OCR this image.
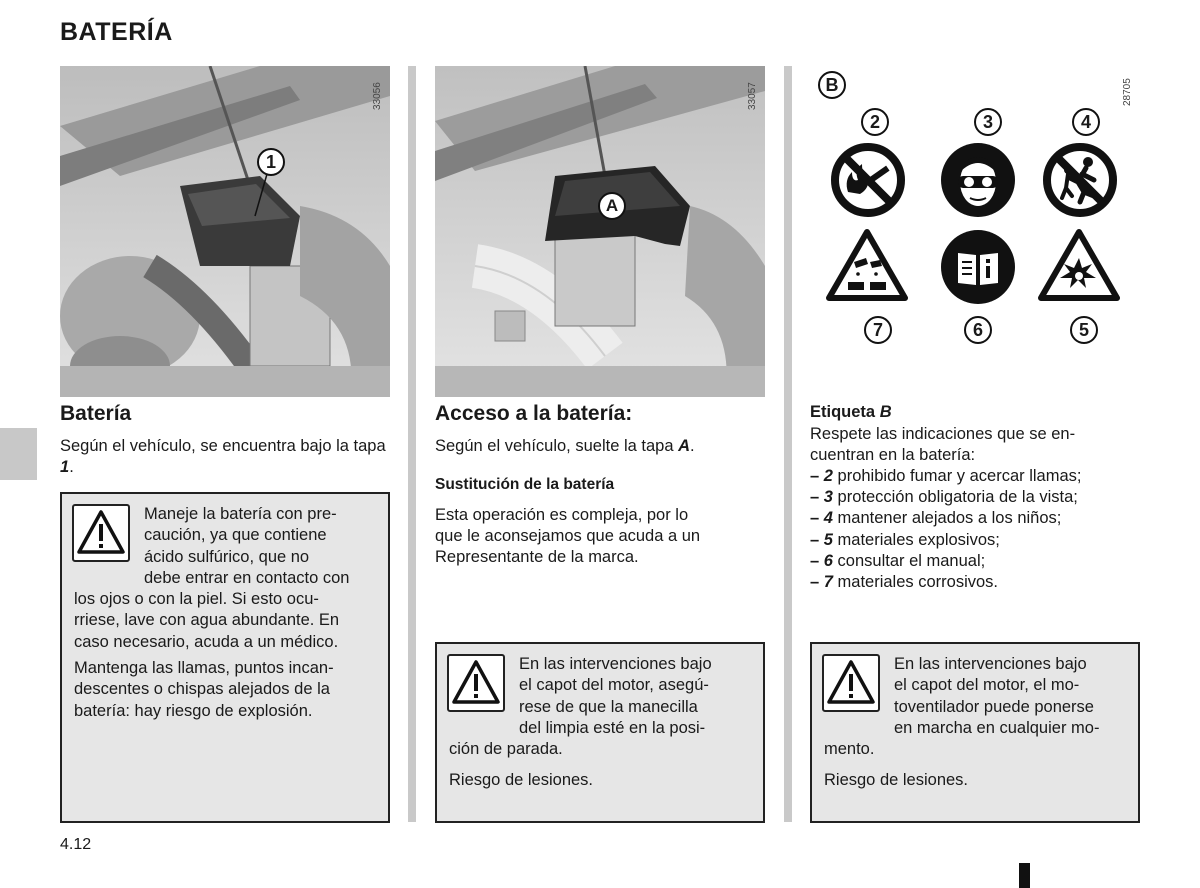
BATERÍA
1
33056
Batería
Según el vehículo, se encuentra bajo la tapa 1.
Maneje la batería con pre-
caución, ya que contiene
ácido sulfúrico, que no
debe entrar en contacto con
los ojos o con la piel. Si esto ocu-
rriese, lave con agua abundante. En
caso necesario, acuda a un médico.
Mantenga las llamas, puntos incan-
descentes o chispas alejados de la
batería: hay riesgo de explosión.
A
33057
Acceso a la batería:
Según el vehículo, suelte la tapa A.
Sustitución de la batería
Esta operación es compleja, por lo
que le aconsejamos que acuda a un
Representante de la marca.
En las intervenciones bajo
el capot del motor, asegú-
rese de que la manecilla
del limpia esté en la posi-
ción de parada.
Riesgo de lesiones.
B	28705
2	3	4
7	6	5
Etiqueta B
Respete las indicaciones que se en-
cuentran en la batería:
– 2 prohibido fumar y acercar llamas;
– 3 protección obligatoria de la vista;
– 4 mantener alejados a los niños;
– 5 materiales explosivos;
– 6 consultar el manual;
– 7 materiales corrosivos.
En las intervenciones bajo
el capot del motor, el mo-
toventilador puede ponerse
en marcha en cualquier mo-
mento.
Riesgo de lesiones.
4.12
